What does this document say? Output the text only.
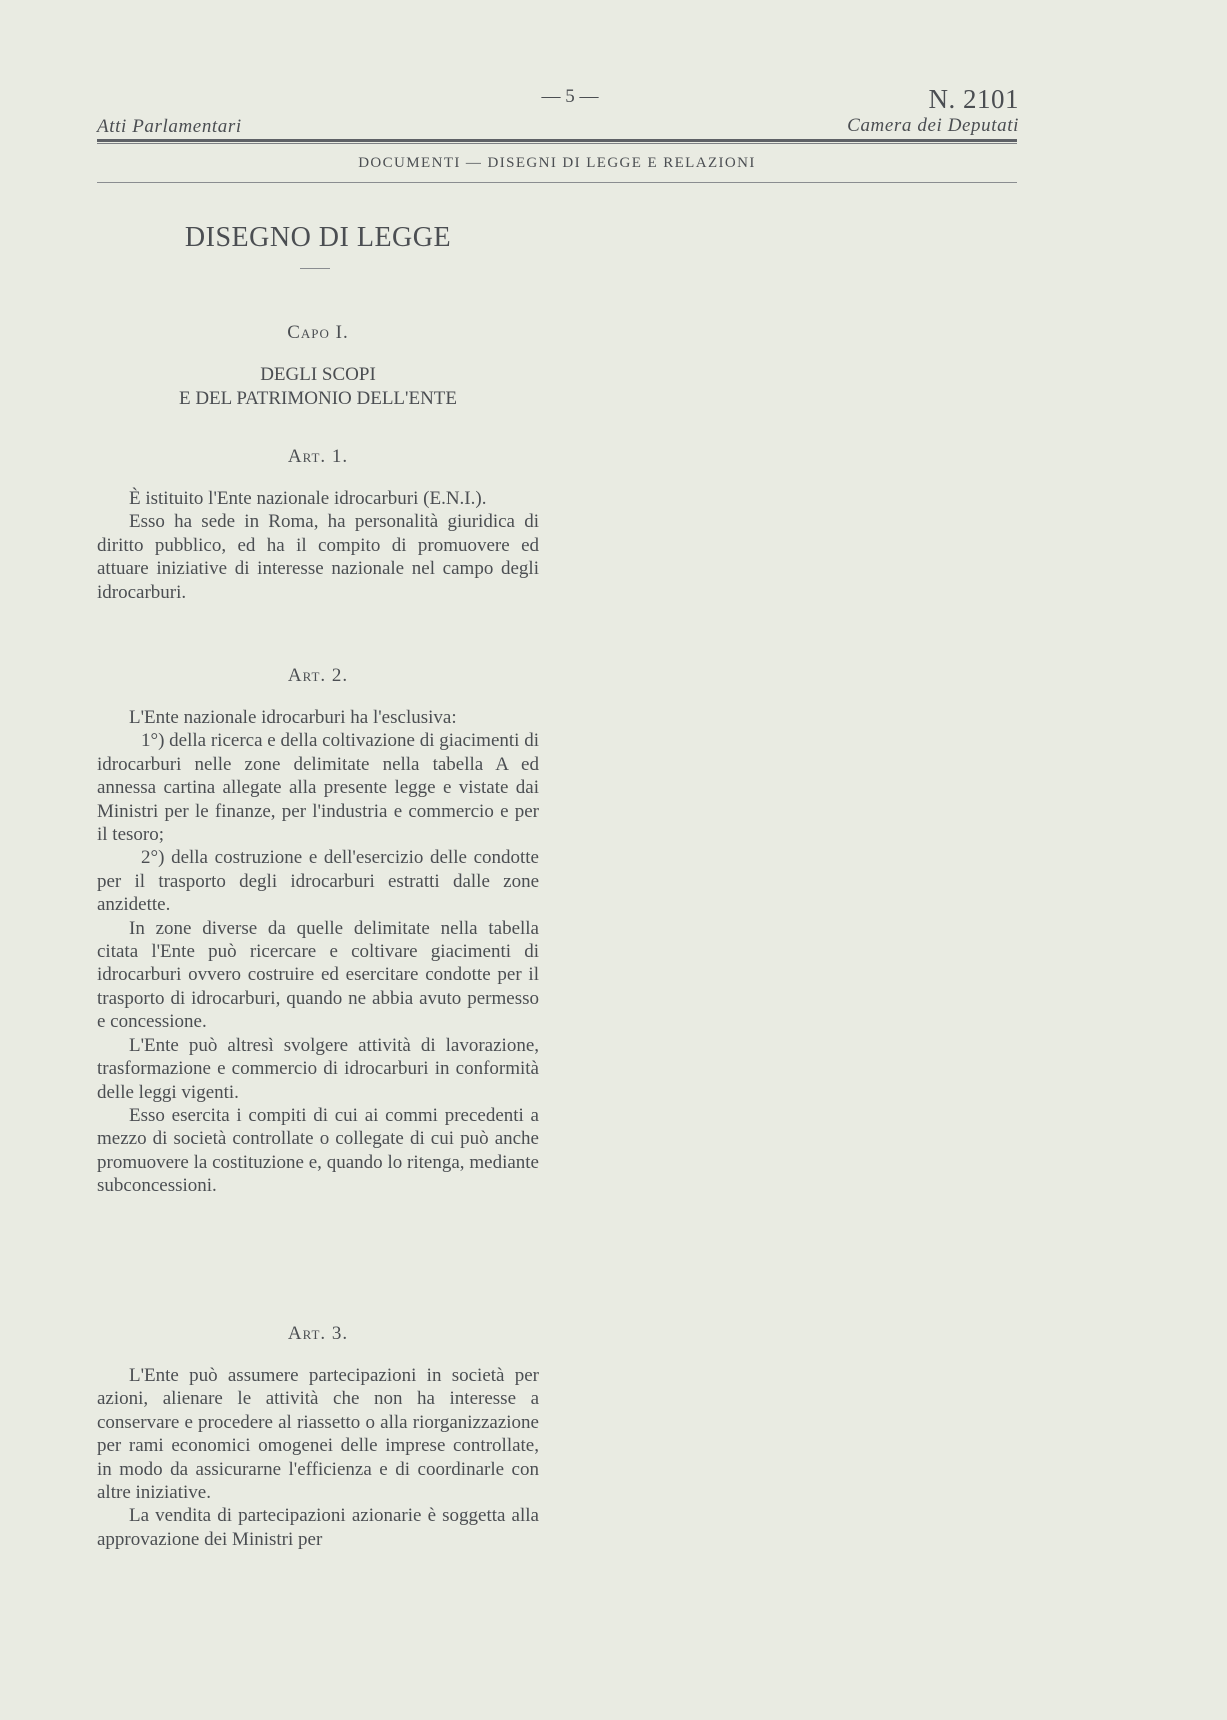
Atti Parlamentari
— 5 —	N. 2101
Camera dei Deputati
DOCUMENTI — DISEGNI DI LEGGE E RELAZIONI
DISEGNO DI LEGGE
Capo I.
DEGLI SCOPI
E DEL PATRIMONIO DELL'ENTE
Art. 1.

È istituito l'Ente nazionale idrocarburi (E.N.I.).

Esso ha sede in Roma, ha personalità giuridica di diritto pubblico, ed ha il compito di promuovere ed attuare iniziative di interesse nazionale nel campo degli idrocarburi.

Art. 2.

L'Ente nazionale idrocarburi ha l'esclusiva:

1°) della ricerca e della coltivazione di giacimenti di idrocarburi nelle zone delimitate nella tabella A ed annessa cartina allegate alla presente legge e vistate dai Ministri per le finanze, per l'industria e commercio e per il tesoro;

2°) della costruzione e dell'esercizio delle condotte per il trasporto degli idrocarburi estratti dalle zone anzidette.

In zone diverse da quelle delimitate nella tabella citata l'Ente può ricercare e coltivare giacimenti di idrocarburi ovvero costruire ed esercitare condotte per il trasporto di idrocarburi, quando ne abbia avuto permesso e concessione.

L'Ente può altresì svolgere attività di lavorazione, trasformazione e commercio di idrocarburi in conformità delle leggi vigenti.

Esso esercita i compiti di cui ai commi precedenti a mezzo di società controllate o collegate di cui può anche promuovere la costituzione e, quando lo ritenga, mediante subconcessioni.

Art. 3.

L'Ente può assumere partecipazioni in società per azioni, alienare le attività che non ha interesse a conservare e procedere al riassetto o alla riorganizzazione per rami economici omogenei delle imprese controllate, in modo da assicurarne l'efficienza e di coordinarle con altre iniziative.

La vendita di partecipazioni azionarie è soggetta alla approvazione dei Ministri per
